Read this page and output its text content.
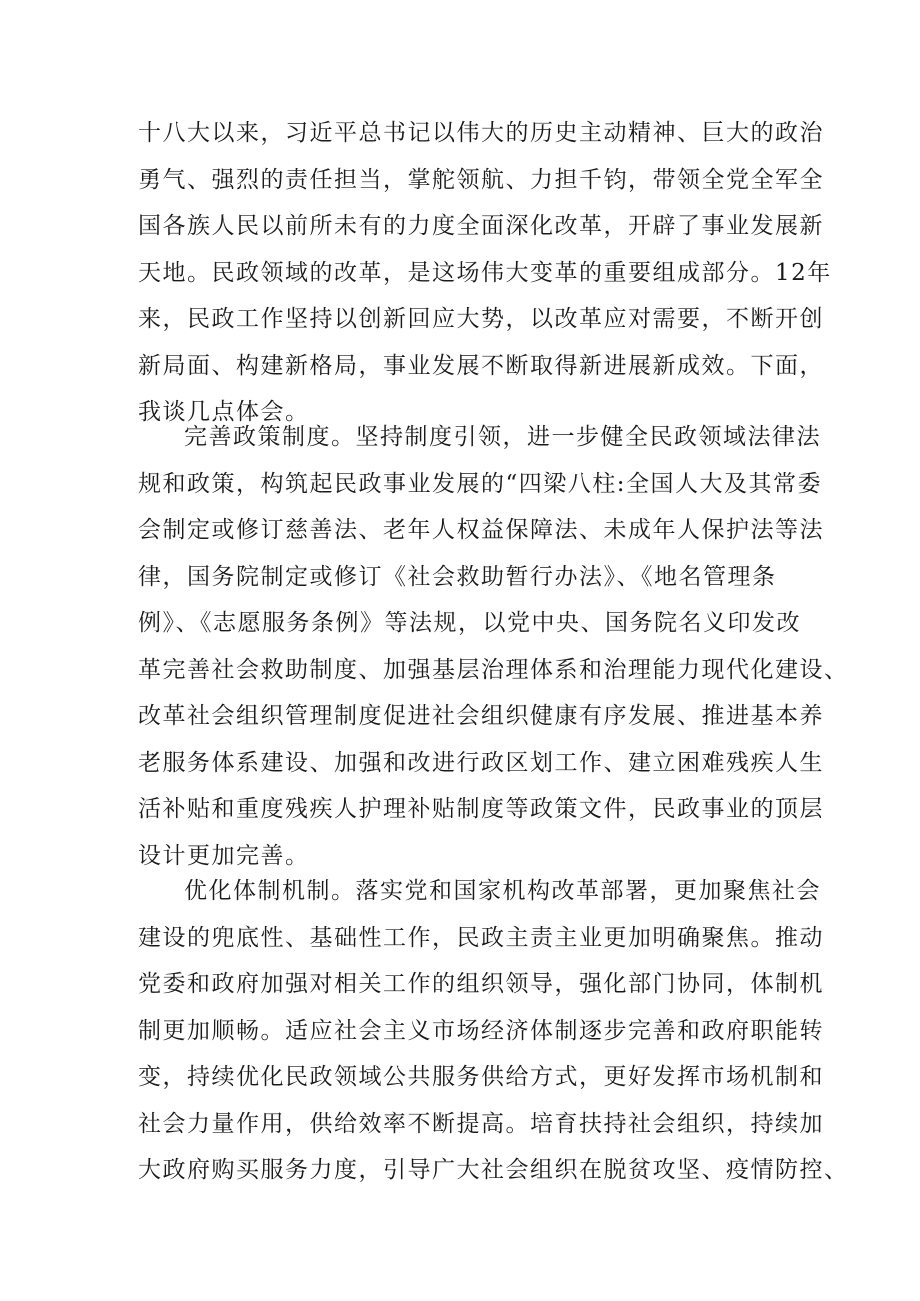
十八大以来，习近平总书记以伟大的历史主动精神、巨大的政治
勇气、强烈的责任担当，掌舵领航、力担千钧，带领全党全军全
国各族人民以前所未有的力度全面深化改革，开辟了事业发展新
天地。民政领域的改革，是这场伟大变革的重要组成部分。12年
来，民政工作坚持以创新回应大势，以改革应对需要，不断开创
新局面、构建新格局，事业发展不断取得新进展新成效。下面，
我谈几点体会。

完善政策制度。坚持制度引领，进一步健全民政领域法律法
规和政策，构筑起民政事业发展的“四梁八柱:全国人大及其常委
会制定或修订慈善法、老年人权益保障法、未成年人保护法等法
律，国务院制定或修订《社会救助暂行办法》、《地名管理条
例》、《志愿服务条例》等法规，以党中央、国务院名义印发改
革完善社会救助制度、加强基层治理体系和治理能力现代化建设、
改革社会组织管理制度促进社会组织健康有序发展、推进基本养
老服务体系建设、加强和改进行政区划工作、建立困难残疾人生
活补贴和重度残疾人护理补贴制度等政策文件，民政事业的顶层
设计更加完善。

优化体制机制。落实党和国家机构改革部署，更加聚焦社会
建设的兜底性、基础性工作，民政主责主业更加明确聚焦。推动
党委和政府加强对相关工作的组织领导，强化部门协同，体制机
制更加顺畅。适应社会主义市场经济体制逐步完善和政府职能转
变，持续优化民政领域公共服务供给方式，更好发挥市场机制和
社会力量作用，供给效率不断提高。培育扶持社会组织，持续加
大政府购买服务力度，引导广大社会组织在脱贫攻坚、疫情防控、
